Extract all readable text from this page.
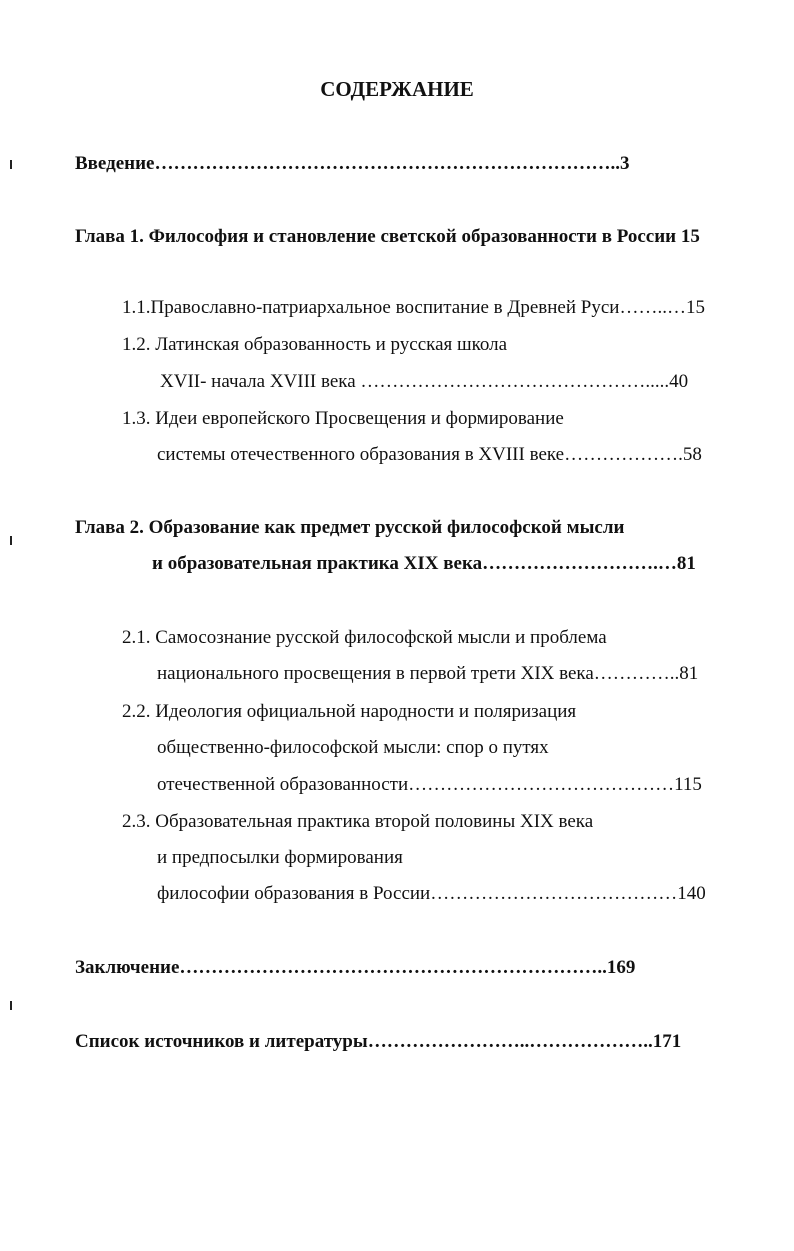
СОДЕРЖАНИЕ
Введение………………………………………………………………..3
Глава 1. Философия и становление светской образованности в России 15
1.1.Православно-патриархальное воспитание в Древней Руси……..…15
1.2. Латинская образованность и русская школа
XVII- начала XVIII века ……………………………………….....40
1.3. Идеи европейского Просвещения и формирование
системы отечественного образования в XVIII веке……………….58
Глава 2. Образование как предмет русской философской мысли
и образовательная практика XIX века……………………….…81
2.1. Самосознание русской философской мысли и проблема
национального просвещения в первой трети XIX века…………..81
2.2. Идеология официальной народности и поляризация
общественно-философской мысли: спор о путях
отечественной образованности……………………………………115
2.3. Образовательная практика второй половины XIX века
и предпосылки формирования
философии образования в России…………………………………140
Заключение…………………………………………………………..169
Список источников и литературы……………………..………………..171
